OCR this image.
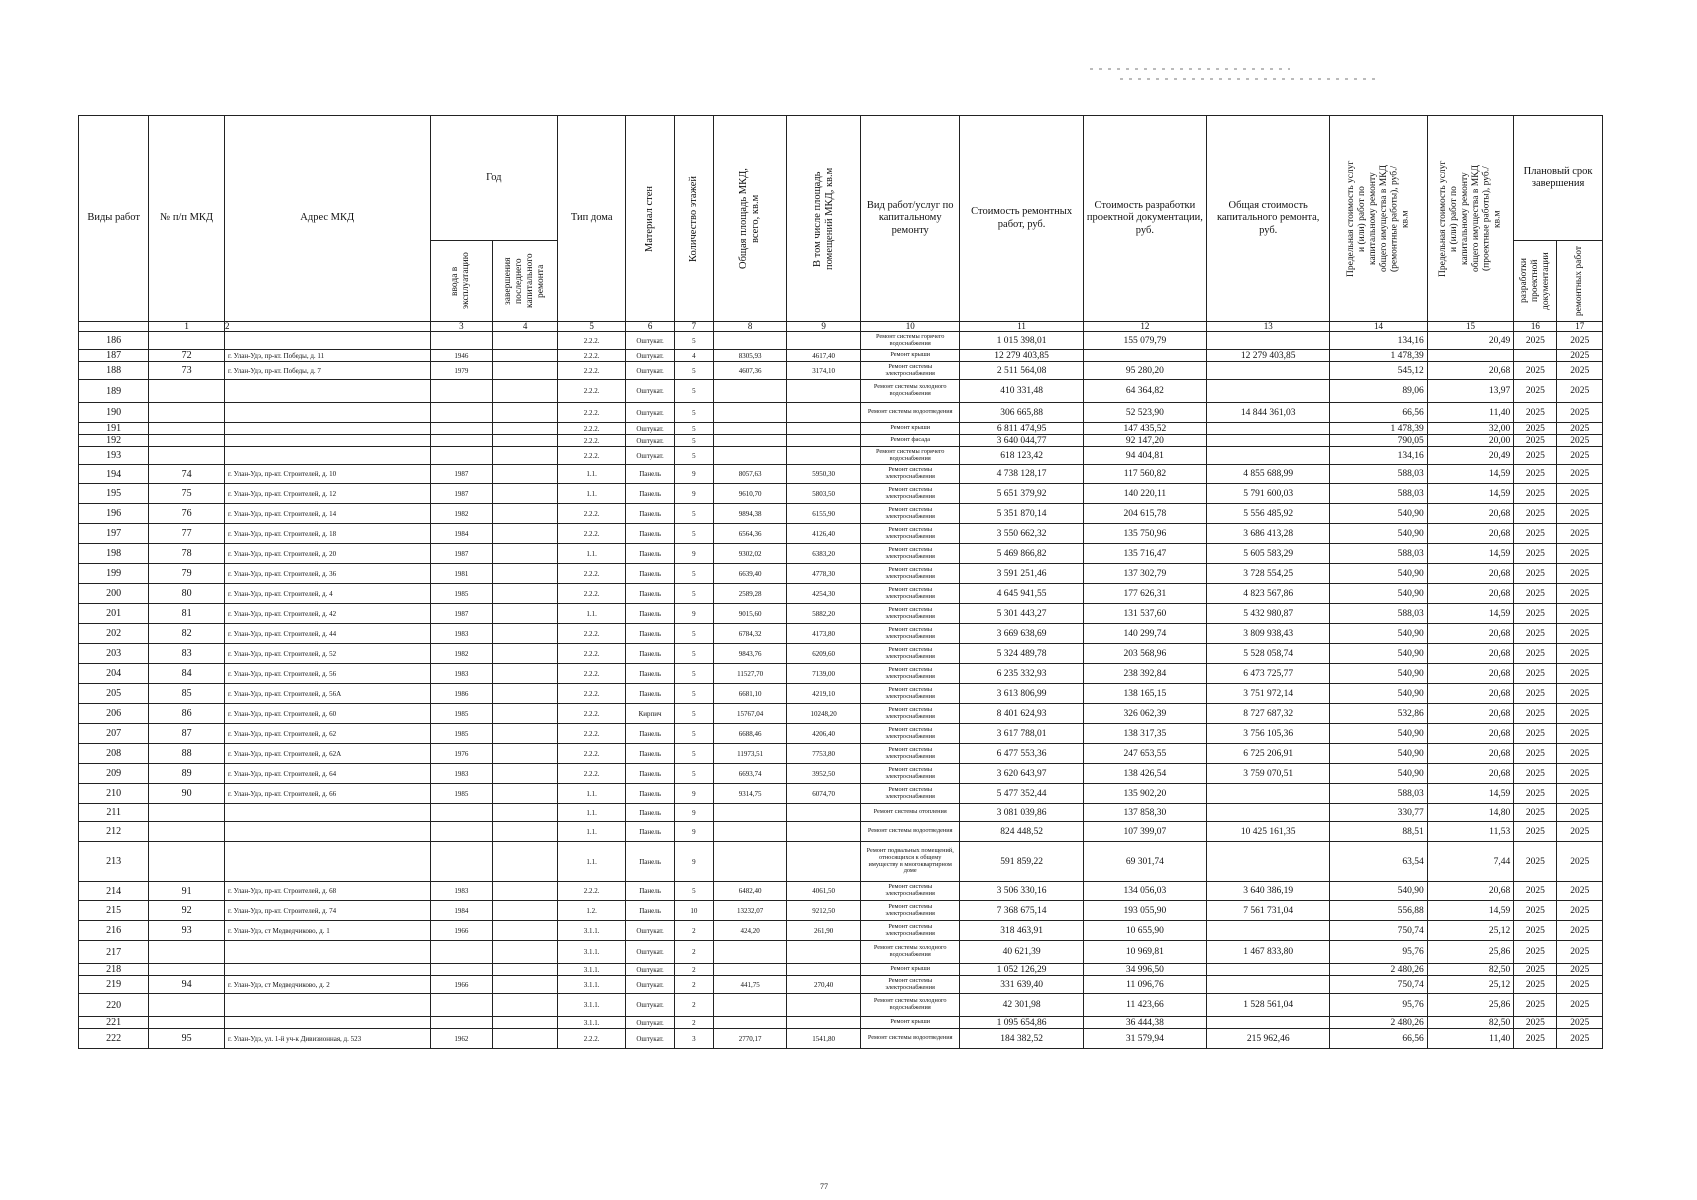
Виды работ	№ п/п МКД	Адрес МКД	Год		Тип дома	Материал стен	Количество этажей	Общая площадь МКД, всего, кв.м	В том числе площадь помещений МКД, кв.м	Вид работ/услуг по капитальному ремонту	Стоимость ремонтных работ, руб.	Стоимость разработки проектной документации, руб.	Общая стоимость капитального ремонта, руб.	Предельная стоимость услуг и (или) работ по капитальному ремонту общего имущества в МКД (ремонтные работы), руб./кв.м	Предельная стоимость услуг и (или) работ по капитальному ремонту общего имущества в МКД (проектные работы), руб./кв.м	Плановый срок завершения	

			ввода в эксплуатацию	завершения последнего капитального ремонта												разработки проектной документации	ремонтных работ

	1	2	3	4	5	6	7	8	9	10	11	12	13	14	15	16	17
186					2.2.2.	Оштукат.	5			Ремонт системы горячего водоснабжения	1 015 398,01	155 079,79		134,16	20,49	2025	2025
187	72	г. Улан-Удэ, пр-кт. Победы, д. 11	1946		2.2.2.	Оштукат.	4	8305,93	4617,40	Ремонт крыши	12 279 403,85		12 279 403,85	1 478,39			2025
188	73	г. Улан-Удэ, пр-кт. Победы, д. 7	1979		2.2.2.	Оштукат.	5	4607,36	3174,10	Ремонт системы электроснабжения	2 511 564,08	95 280,20		545,12	20,68	2025	2025
189					2.2.2.	Оштукат.	5			Ремонт системы холодного водоснабжения	410 331,48	64 364,82		89,06	13,97	2025	2025
190					2.2.2.	Оштукат.	5			Ремонт системы водоотведения	306 665,88	52 523,90	14 844 361,03	66,56	11,40	2025	2025
191					2.2.2.	Оштукат.	5			Ремонт крыши	6 811 474,95	147 435,52		1 478,39	32,00	2025	2025
192					2.2.2.	Оштукат.	5			Ремонт фасада	3 640 044,77	92 147,20		790,05	20,00	2025	2025
193					2.2.2.	Оштукат.	5			Ремонт системы горячего водоснабжения	618 123,42	94 404,81		134,16	20,49	2025	2025
194	74	г. Улан-Удэ, пр-кт. Строителей, д. 10	1987		1.1.	Панель	9	8057,63	5950,30	Ремонт системы электроснабжения	4 738 128,17	117 560,82	4 855 688,99	588,03	14,59	2025	2025
195	75	г. Улан-Удэ, пр-кт. Строителей, д. 12	1987		1.1.	Панель	9	9610,70	5803,50	Ремонт системы электроснабжения	5 651 379,92	140 220,11	5 791 600,03	588,03	14,59	2025	2025
196	76	г. Улан-Удэ, пр-кт. Строителей, д. 14	1982		2.2.2.	Панель	5	9894,38	6155,90	Ремонт системы электроснабжения	5 351 870,14	204 615,78	5 556 485,92	540,90	20,68	2025	2025
197	77	г. Улан-Удэ, пр-кт. Строителей, д. 18	1984		2.2.2.	Панель	5	6564,36	4126,40	Ремонт системы электроснабжения	3 550 662,32	135 750,96	3 686 413,28	540,90	20,68	2025	2025
198	78	г. Улан-Удэ, пр-кт. Строителей, д. 20	1987		1.1.	Панель	9	9302,02	6383,20	Ремонт системы электроснабжения	5 469 866,82	135 716,47	5 605 583,29	588,03	14,59	2025	2025
199	79	г. Улан-Удэ, пр-кт. Строителей, д. 36	1981		2.2.2.	Панель	5	6639,40	4778,30	Ремонт системы электроснабжения	3 591 251,46	137 302,79	3 728 554,25	540,90	20,68	2025	2025
200	80	г. Улан-Удэ, пр-кт. Строителей, д. 4	1985		2.2.2.	Панель	5	2589,28	4254,30	Ремонт системы электроснабжения	4 645 941,55	177 626,31	4 823 567,86	540,90	20,68	2025	2025
201	81	г. Улан-Удэ, пр-кт. Строителей, д. 42	1987		1.1.	Панель	9	9015,60	5882,20	Ремонт системы электроснабжения	5 301 443,27	131 537,60	5 432 980,87	588,03	14,59	2025	2025
202	82	г. Улан-Удэ, пр-кт. Строителей, д. 44	1983		2.2.2.	Панель	5	6784,32	4173,80	Ремонт системы электроснабжения	3 669 638,69	140 299,74	3 809 938,43	540,90	20,68	2025	2025
203	83	г. Улан-Удэ, пр-кт. Строителей, д. 52	1982		2.2.2.	Панель	5	9843,76	6209,60	Ремонт системы электроснабжения	5 324 489,78	203 568,96	5 528 058,74	540,90	20,68	2025	2025
204	84	г. Улан-Удэ, пр-кт. Строителей, д. 56	1983		2.2.2.	Панель	5	11527,70	7139,00	Ремонт системы электроснабжения	6 235 332,93	238 392,84	6 473 725,77	540,90	20,68	2025	2025
205	85	г. Улан-Удэ, пр-кт. Строителей, д. 56А	1986		2.2.2.	Панель	5	6681,10	4219,10	Ремонт системы электроснабжения	3 613 806,99	138 165,15	3 751 972,14	540,90	20,68	2025	2025
206	86	г. Улан-Удэ, пр-кт. Строителей, д. 60	1985		2.2.2.	Кирпич	5	15767,04	10248,20	Ремонт системы электроснабжения	8 401 624,93	326 062,39	8 727 687,32	532,86	20,68	2025	2025
207	87	г. Улан-Удэ, пр-кт. Строителей, д. 62	1985		2.2.2.	Панель	5	6688,46	4206,40	Ремонт системы электроснабжения	3 617 788,01	138 317,35	3 756 105,36	540,90	20,68	2025	2025
208	88	г. Улан-Удэ, пр-кт. Строителей, д. 62А	1976		2.2.2.	Панель	5	11973,51	7753,80	Ремонт системы электроснабжения	6 477 553,36	247 653,55	6 725 206,91	540,90	20,68	2025	2025
209	89	г. Улан-Удэ, пр-кт. Строителей, д. 64	1983		2.2.2.	Панель	5	6693,74	3952,50	Ремонт системы электроснабжения	3 620 643,97	138 426,54	3 759 070,51	540,90	20,68	2025	2025
210	90	г. Улан-Удэ, пр-кт. Строителей, д. 66	1985		1.1.	Панель	9	9314,75	6074,70	Ремонт системы электроснабжения	5 477 352,44	135 902,20		588,03	14,59	2025	2025
211					1.1.	Панель	9			Ремонт системы отопления	3 081 039,86	137 858,30		330,77	14,80	2025	2025
212					1.1.	Панель	9			Ремонт системы водоотведения	824 448,52	107 399,07	10 425 161,35	88,51	11,53	2025	2025
213					1.1.	Панель	9			Ремонт подвальных помещений, относящихся к общему имуществу в многоквартирном доме	591 859,22	69 301,74		63,54	7,44	2025	2025
214	91	г. Улан-Удэ, пр-кт. Строителей, д. 68	1983		2.2.2.	Панель	5	6482,40	4061,50	Ремонт системы электроснабжения	3 506 330,16	134 056,03	3 640 386,19	540,90	20,68	2025	2025
215	92	г. Улан-Удэ, пр-кт. Строителей, д. 74	1984		1.2.	Панель	10	13232,07	9212,50	Ремонт системы электроснабжения	7 368 675,14	193 055,90	7 561 731,04	556,88	14,59	2025	2025
216	93	г. Улан-Удэ, ст Медведчиково, д. 1	1966		3.1.1.	Оштукат.	2	424,20	261,90	Ремонт системы электроснабжения	318 463,91	10 655,90		750,74	25,12	2025	2025
217					3.1.1.	Оштукат.	2			Ремонт системы холодного водоснабжения	40 621,39	10 969,81	1 467 833,80	95,76	25,86	2025	2025
218					3.1.1.	Оштукат.	2			Ремонт крыши	1 052 126,29	34 996,50		2 480,26	82,50	2025	2025
219	94	г. Улан-Удэ, ст Медведчиково, д. 2	1966		3.1.1.	Оштукат.	2	441,75	270,40	Ремонт системы электроснабжения	331 639,40	11 096,76		750,74	25,12	2025	2025
220					3.1.1.	Оштукат.	2			Ремонт системы холодного водоснабжения	42 301,98	11 423,66	1 528 561,04	95,76	25,86	2025	2025
221					3.1.1.	Оштукат.	2			Ремонт крыши	1 095 654,86	36 444,38		2 480,26	82,50	2025	2025
222	95	г. Улан-Удэ, ул. 1-й уч-к Дивизионная, д. 523	1962		2.2.2.	Оштукат.	3	2770,17	1541,80	Ремонт системы водоотведения	184 382,52	31 579,94	215 962,46	66,56	11,40	2025	2025
77
